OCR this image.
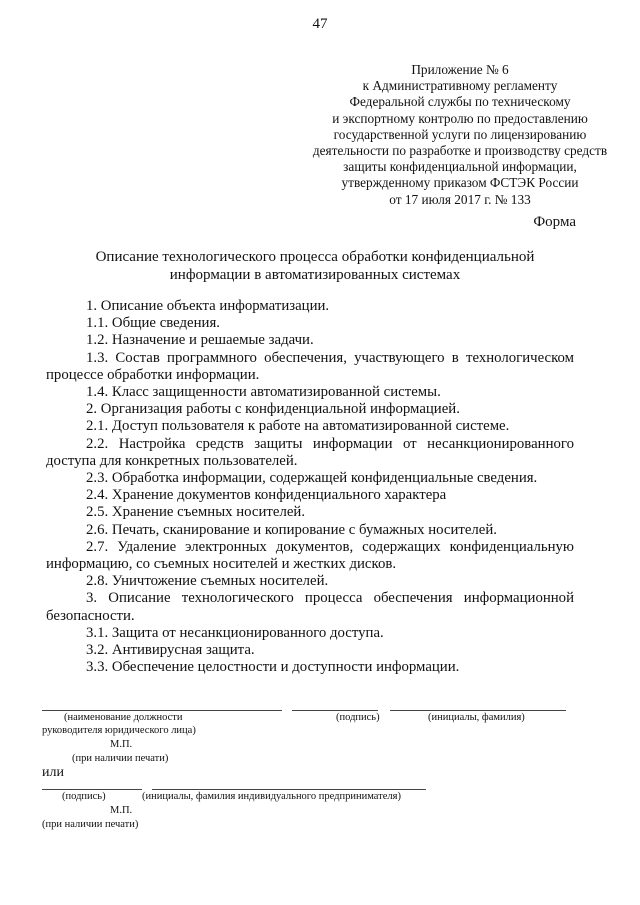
47
Приложение № 6
к Административному регламенту
Федеральной службы по техническому
и экспортному контролю по предоставлению
государственной услуги по лицензированию
деятельности по разработке и производству средств
защиты конфиденциальной информации,
утвержденному приказом ФСТЭК России
от 17 июля 2017 г. № 133
Форма
Описание технологического процесса обработки конфиденциальной
информации в автоматизированных системах

1. Описание объекта информатизации.

1.1. Общие сведения.

1.2. Назначение и решаемые задачи.

1.3. Состав программного обеспечения, участвующего в технологическом процессе обработки информации.

1.4. Класс защищенности автоматизированной системы.

2. Организация работы с конфиденциальной информацией.

2.1. Доступ пользователя к работе на автоматизированной системе.

2.2. Настройка средств защиты информации от несанкционированного доступа для конкретных пользователей.

2.3. Обработка информации, содержащей конфиденциальные сведения.

2.4. Хранение документов конфиденциального характера

2.5. Хранение съемных носителей.

2.6. Печать, сканирование и копирование с бумажных носителей.

2.7. Удаление электронных документов, содержащих конфиденциальную информацию, со съемных носителей и жестких дисков.

2.8. Уничтожение съемных носителей.

3. Описание технологического процесса обеспечения информационной безопасности.

3.1. Защита от несанкционированного доступа.

3.2. Антивирусная защита.

3.3. Обеспечение целостности и доступности информации.

(наименование должности	(подпись)	(инициалы, фамилия)
руководителя юридического лица)
М.П.
(при наличии печати)
или
(подпись)	(инициалы, фамилия индивидуального предпринимателя)
М.П.
(при наличии печати)
